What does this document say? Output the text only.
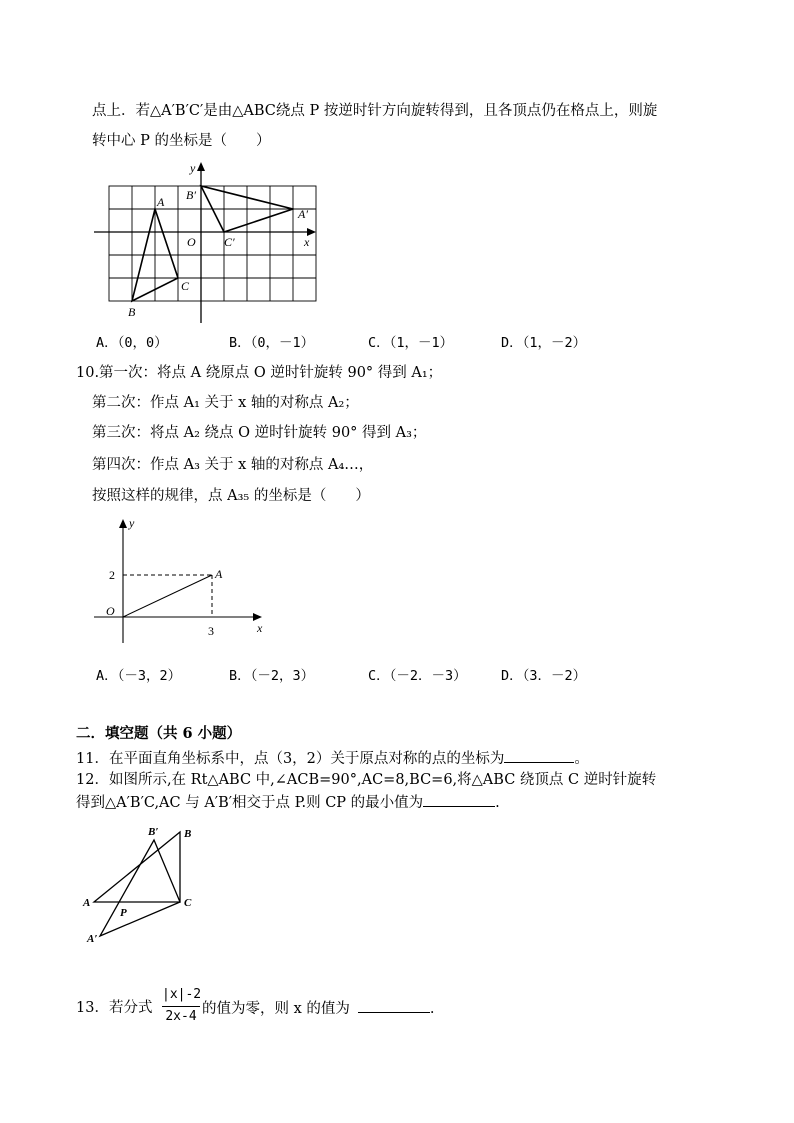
点上．若△A′B′C′是由△ABC绕点 P 按逆时针方向旋转得到，且各顶点仍在格点上，则旋
转中心 P 的坐标是（　　）
y
x
A
B
C
O
A′
B′
C′
A．（0，0）	B．（0，－1）	C．（1，－1）	D．（1，－2）
10.第一次：将点 A 绕原点 O 逆时针旋转 90° 得到 A₁；
第二次：作点 A₁ 关于 x 轴的对称点 A₂；
第三次：将点 A₂ 绕点 O 逆时针旋转 90° 得到 A₃；
第四次：作点 A₃ 关于 x 轴的对称点 A₄…，
按照这样的规律，点 A₃₅ 的坐标是（　　）
y
x
O
A
2
3
A．（－3，2）	B．（－2，3）	C．（－2．－3）	D．（3．－2）
二．填空题（共 6 小题）
11．在平面直角坐标系中，点（3，2）关于原点对称的点的坐标为	。
12．如图所示,在 Rt△ABC 中,∠ACB=90°,AC=8,BC=6,将△ABC 绕顶点 C 逆时针旋转
得到△A′B′C,AC 与 A′B′相交于点 P.则 CP 的最小值为	.
A
B
C
P
A′
B′
13．若分式
|x|-2
2x-4 的值为零，则 x 的值为	.
